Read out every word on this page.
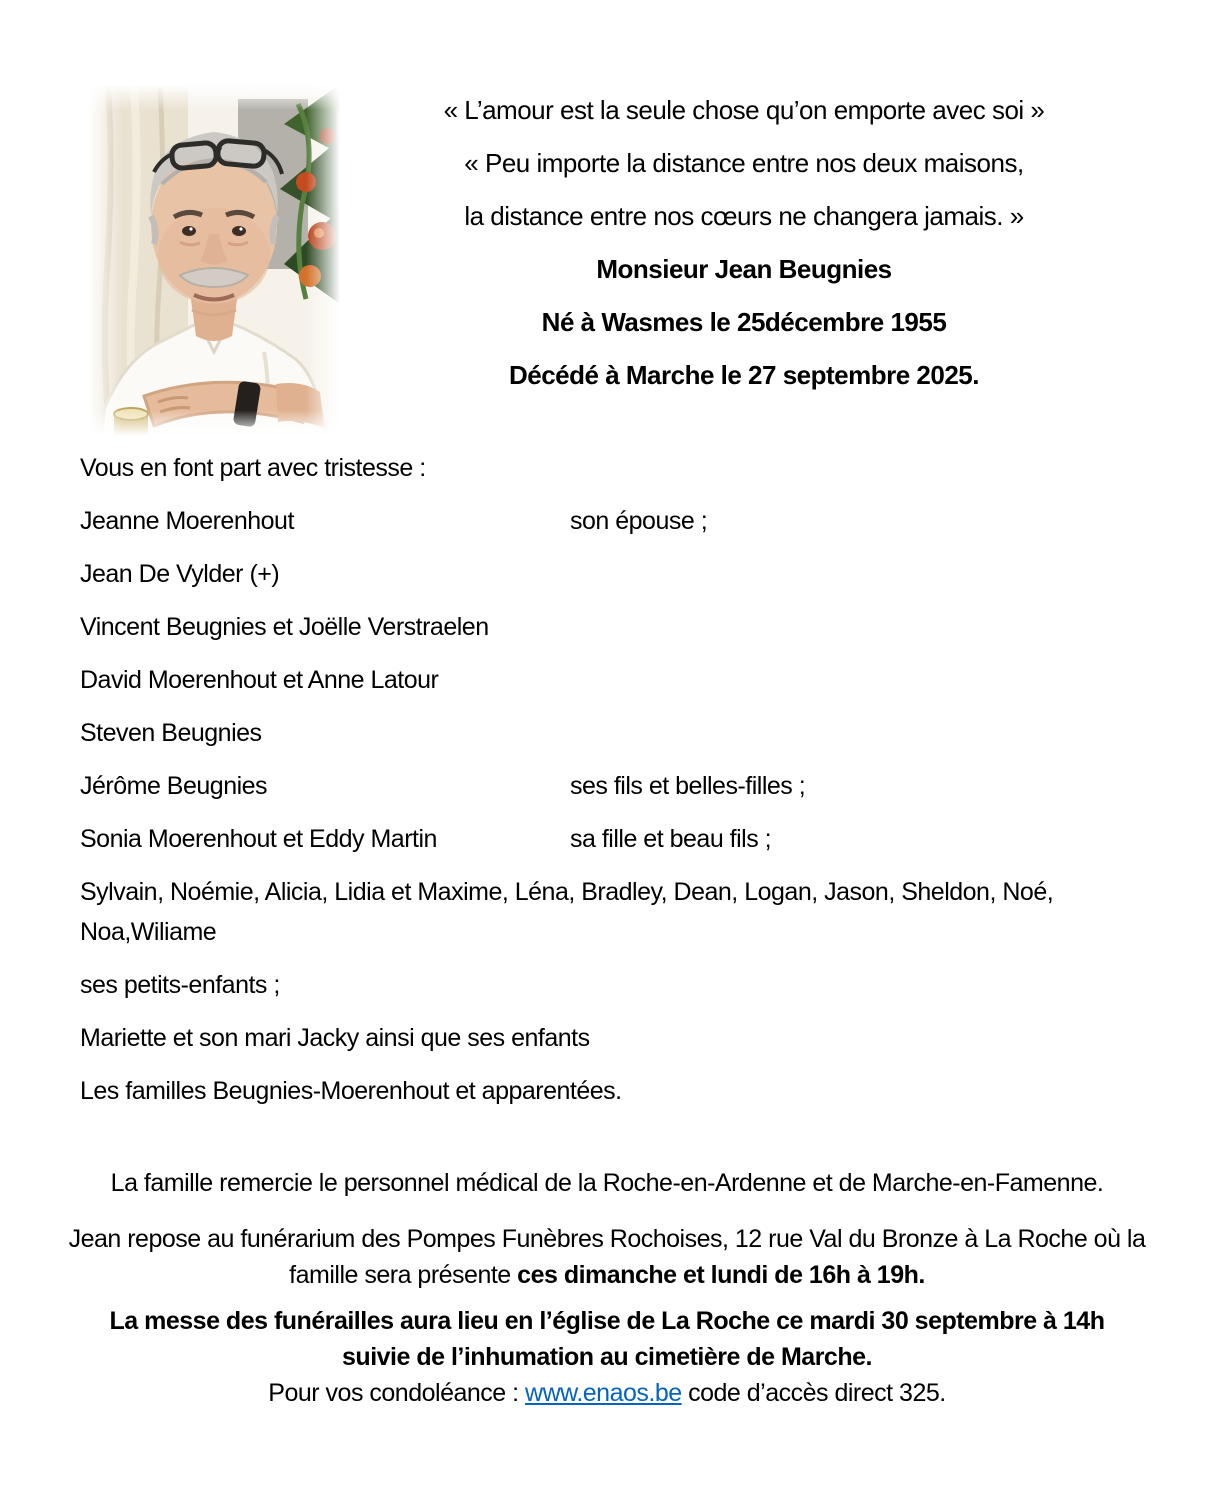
« L’amour est la seule chose qu’on emporte avec soi »

« Peu importe la distance entre nos deux maisons,

la distance entre nos cœurs ne changera jamais. »

Monsieur Jean Beugnies

Né à Wasmes le 25décembre 1955

Décédé à Marche le 27 septembre 2025.

Vous en font part avec tristesse :

Jeanne Moerenhout	son épouse ;

Jean De Vylder (+)

Vincent Beugnies et Joëlle Verstraelen

David Moerenhout et Anne Latour

Steven Beugnies

Jérôme Beugnies	ses fils et belles-filles ;

Sonia Moerenhout et Eddy Martin	sa fille et beau fils ;

Sylvain, Noémie, Alicia, Lidia et Maxime, Léna, Bradley, Dean, Logan, Jason, Sheldon, Noé,
Noa,Wiliame

ses petits-enfants ;

Mariette et son mari Jacky ainsi que ses enfants

Les familles Beugnies-Moerenhout et apparentées.

La famille remercie le personnel médical de la Roche-en-Ardenne et de Marche-en-Famenne.

Jean repose au funérarium des Pompes Funèbres Rochoises, 12 rue Val du Bronze à La Roche où la
famille sera présente ces dimanche et lundi de 16h à 19h.

La messe des funérailles aura lieu en l’église de La Roche ce mardi 30 septembre à 14h
suivie de l’inhumation au cimetière de Marche.

Pour vos condoléance : www.enaos.be code d’accès direct 325.
